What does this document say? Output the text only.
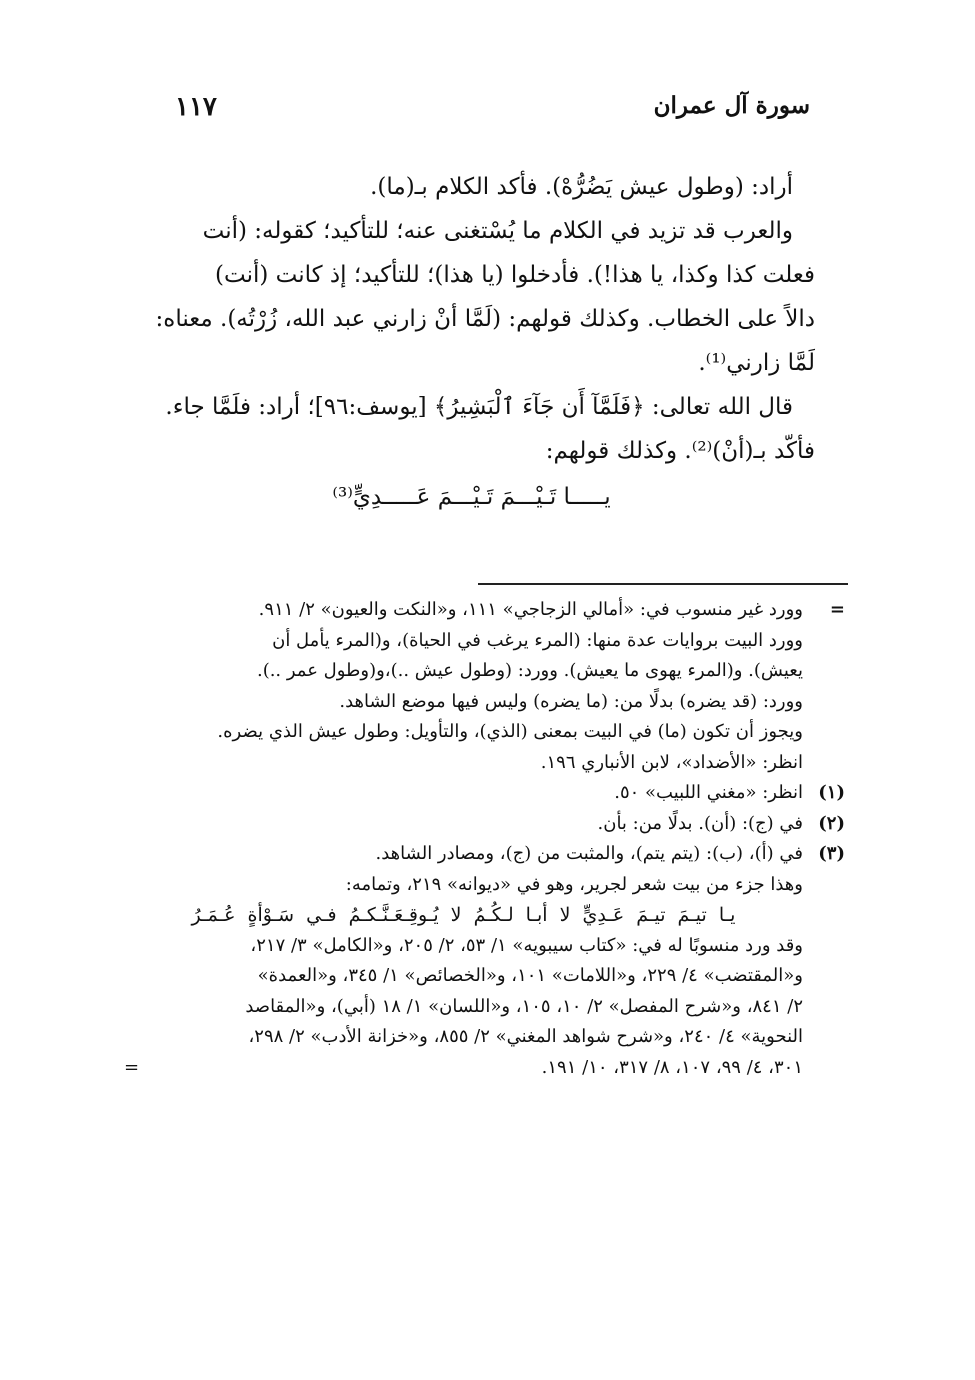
سورة آل عمران
١١٧

أراد: (وطول عيش يَضُرُّهْ). فأكد الكلام بـ(ما).

والعرب قد تزيد في الكلام ما يُسْتغنى عنه؛ للتأكيد؛ كقوله: (أنت

فعلت كذا وكذا، يا هذا!). فأدخلوا (يا هذا)؛ للتأكيد؛ إذ كانت (أنت)

دالاً على الخطاب. وكذلك قولهم: (لَمَّا أنْ زارني عبد الله، زُرْتُه). معناه:

لَمَّا زارني⁽¹⁾.

قال الله تعالى: ﴿فَلَمَّآ أَن جَآءَ ٱلْبَشِيرُ﴾ [يوسف:٩٦]؛ أراد: فلَمَّا جاء.

فأكّد بـ(أنْ)⁽²⁾. وكذلك قولهم:

يـــــا تَـيْـــمَ تَـيْـــمَ عَـــــدِيٍّ⁽³⁾

=
وورد غير منسوب في: «أمالي الزجاجي» ١١١، و«النكت والعيون» ٢/ ٩١١.
وورد البيت بروايات عدة منها: (المرء يرغب في الحياة)، و(المرء يأمل أن
يعيش). و(المرء يهوى ما يعيش). وورد: (وطول عيش ..)،و(وطول عمر ..).
وورد: (قد يضره) بدلًا من: (ما يضره) وليس فيها موضع الشاهد.
ويجوز أن تكون (ما) في البيت بمعنى (الذي)، والتأويل: وطول عيش الذي يضره.
انظر: «الأضداد»، لابن الأنباري ١٩٦.
(١)
انظر: «مغني اللبيب» ٥٠.
(٢)
في (ج): (أن). بدلًا من: بأن.
(٣)
في (أ)، (ب): (يتم يتم)، والمثبت من (ج)، ومصادر الشاهد.
وهذا جزء من بيت شعر لجرير، وهو في «ديوانه» ٢١٩، وتمامه:
يـا تيـمَ تيـمَ عَـدِيٍّ لا أبـا لـكُـمُ لا يُـوقِـعَـنَّـكـمُ فـي سَـوْأةٍ عُـمَـرُ
وقد ورد منسوبًا له في: «كتاب سيبويه» ١/ ٥٣، ٢/ ٢٠٥، و«الكامل» ٣/ ٢١٧،
و«المقتضب» ٤/ ٢٢٩، و«اللامات» ١٠١، و«الخصائص» ١/ ٣٤٥، و«العمدة»
٢/ ٨٤١، و«شرح المفصل» ٢/ ١٠، ١٠٥، و«اللسان» ١/ ١٨ (أبي)، و«المقاصد
النحوية» ٤/ ٢٤٠، و«شرح شواهد المغني» ٢/ ٨٥٥، و«خزانة الأدب» ٢/ ٢٩٨،
٣٠١، ٤/ ٩٩، ١٠٧، ٨/ ٣١٧، ١٠/ ١٩١.
=
